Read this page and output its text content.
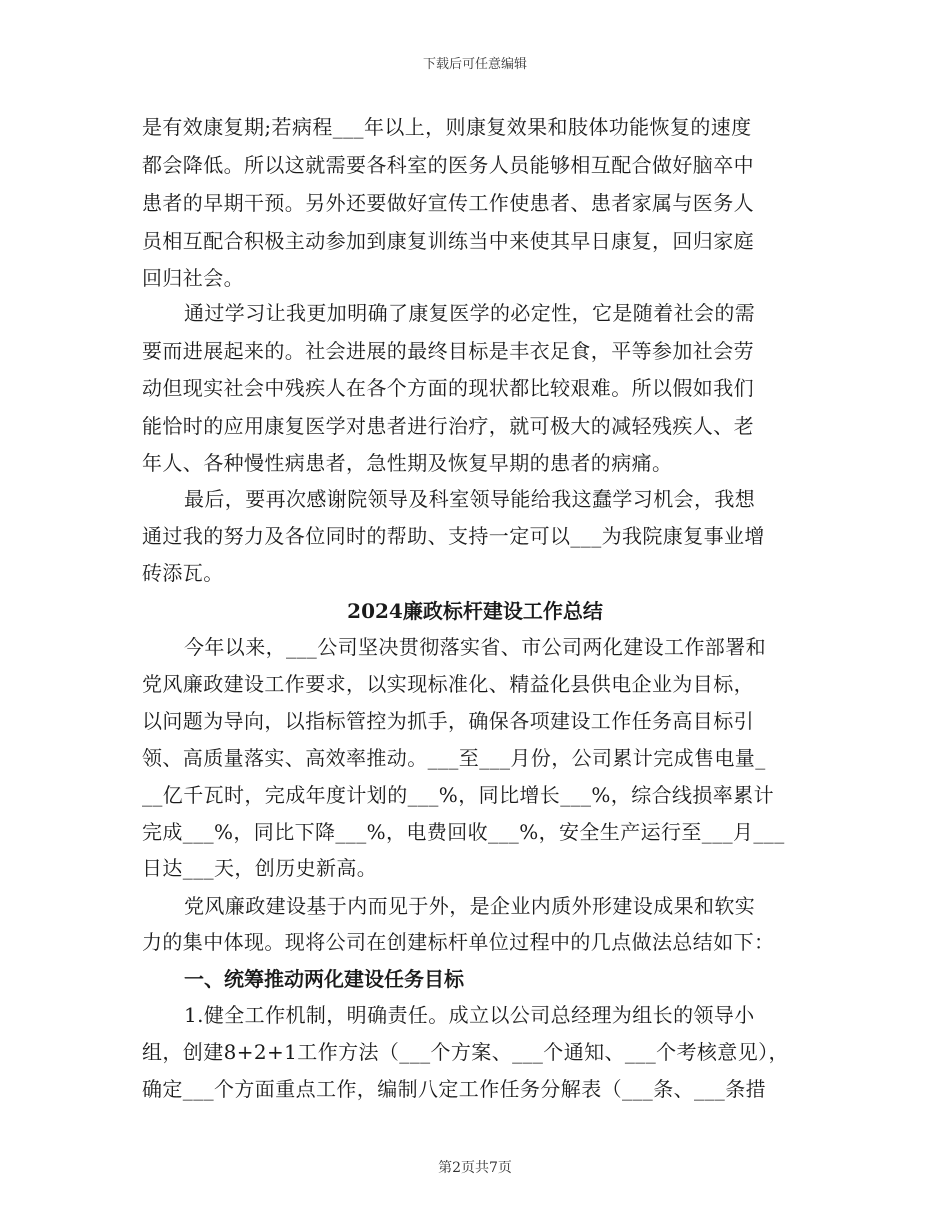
下载后可任意编辑
是有效康复期;若病程___年以上，则康复效果和肢体功能恢复的速度
都会降低。所以这就需要各科室的医务人员能够相互配合做好脑卒中
患者的早期干预。另外还要做好宣传工作使患者、患者家属与医务人
员相互配合积极主动参加到康复训练当中来使其早日康复，回归家庭
回归社会。
通过学习让我更加明确了康复医学的必定性，它是随着社会的需
要而进展起来的。社会进展的最终目标是丰衣足食，平等参加社会劳
动但现实社会中残疾人在各个方面的现状都比较艰难。所以假如我们
能恰时的应用康复医学对患者进行治疗，就可极大的减轻残疾人、老
年人、各种慢性病患者，急性期及恢复早期的患者的病痛。
最后，要再次感谢院领导及科室领导能给我这蠢学习机会，我想
通过我的努力及各位同时的帮助、支持一定可以___为我院康复事业增
砖添瓦。
2024廉政标杆建设工作总结
今年以来，___公司坚决贯彻落实省、市公司两化建设工作部署和
党风廉政建设工作要求，以实现标准化、精益化县供电企业为目标，
以问题为导向，以指标管控为抓手，确保各项建设工作任务高目标引
领、高质量落实、高效率推动。___至___月份，公司累计完成售电量_
__亿千瓦时，完成年度计划的___%，同比增长___%，综合线损率累计
完成___%，同比下降___%，电费回收___%，安全生产运行至___月___
日达___天，创历史新高。
党风廉政建设基于内而见于外，是企业内质外形建设成果和软实
力的集中体现。现将公司在创建标杆单位过程中的几点做法总结如下：
一、统筹推动两化建设任务目标
1.健全工作机制，明确责任。成立以公司总经理为组长的领导小
组，创建8+2+1工作方法（___个方案、___个通知、___个考核意见），
确定___个方面重点工作，编制八定工作任务分解表（___条、___条措
第2页共7页
